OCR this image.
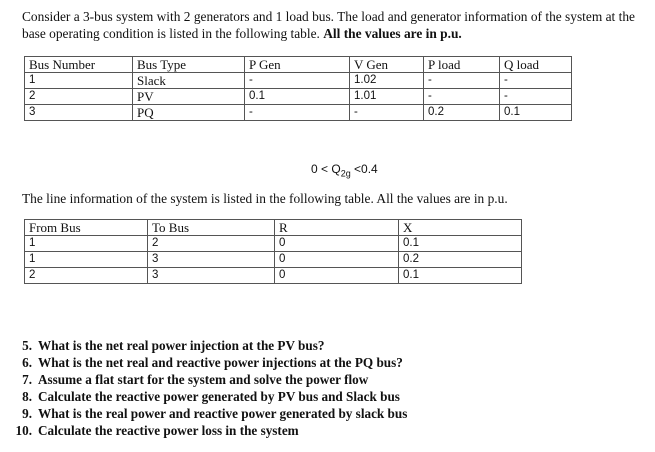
Consider a 3-bus system with 2 generators and 1 load bus. The load and generator information of the system at the base operating condition is listed in the following table. All the values are in p.u.

Bus Number	Bus Type	P Gen	V Gen	P load	Q load
1	Slack	-	1.02	-	-
2	PV	0.1	1.01	-	-
3	PQ	-	-	0.2	0.1
$0 < Q_{2g} <0.4$

The line information of the system is listed in the following table. All the values are in p.u.

From Bus	To Bus	R	X
1	2	0	0.1
1	3	0	0.2
2	3	0	0.1
5. What is the net real power injection at the PV bus?
6. What is the net real and reactive power injections at the PQ bus?
7. Assume a flat start for the system and solve the power flow
8. Calculate the reactive power generated by PV bus and Slack bus
9. What is the real power and reactive power generated by slack bus
10. Calculate the reactive power loss in the system
